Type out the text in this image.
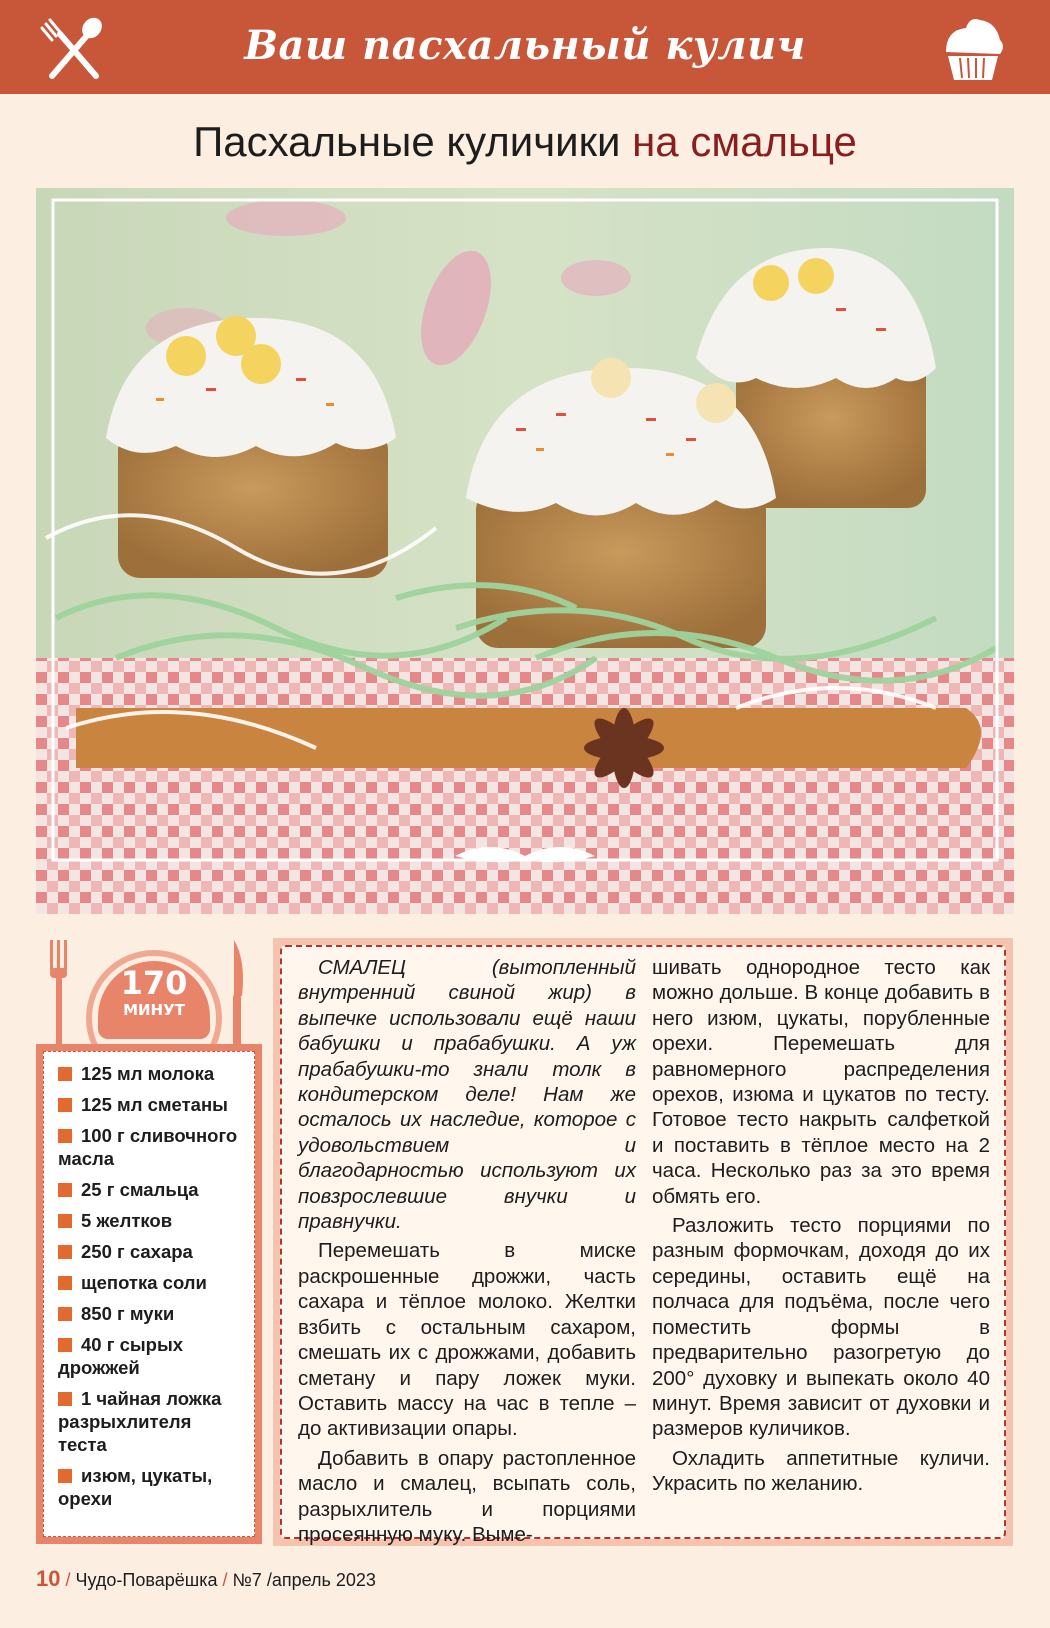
Ваш пасхальный кулич
Пасхальные куличики на смальце
170
МИНУТ
125 мл молока
125 мл сметаны
100 г сливочного масла
25 г смальца
5 желтков
250 г сахара
щепотка соли
850 г муки
40 г сырых дрожжей
1 чайная ложка разрыхлителя теста
изюм, цукаты, орехи

СМАЛЕЦ (вытопленный внутренний свиной жир) в выпечке использовали ещё наши бабушки и прабабушки. А уж прабабушки-то знали толк в кондитерском деле! Нам же осталось их наследие, которое с удовольствием и благодарностью используют их повзрослевшие внучки и правнучки.

Перемешать в миске раскрошенные дрожжи, часть сахара и тёплое молоко. Желтки взбить с остальным сахаром, смешать их с дрожжами, добавить сметану и пару ложек муки. Оставить массу на час в тепле – до активизации опары.

Добавить в опару растопленное масло и смалец, всыпать соль, разрыхлитель и порциями просеянную муку. Выме-

шивать однородное тесто как можно дольше. В конце добавить в него изюм, цукаты, порубленные орехи. Перемешать для равномерного распределения орехов, изюма и цукатов по тесту. Готовое тесто накрыть салфеткой и поставить в тёплое место на 2 часа. Несколько раз за это время обмять его.

Разложить тесто порциями по разным формочкам, доходя до их середины, оставить ещё на полчаса для подъёма, после чего поместить формы в предварительно разогретую до 200° духовку и выпекать около 40 минут. Время зависит от духовки и размеров куличиков.

Охладить аппетитные куличи. Украсить по желанию.

10 / Чудо-Поварёшка / №7 /апрель 2023
